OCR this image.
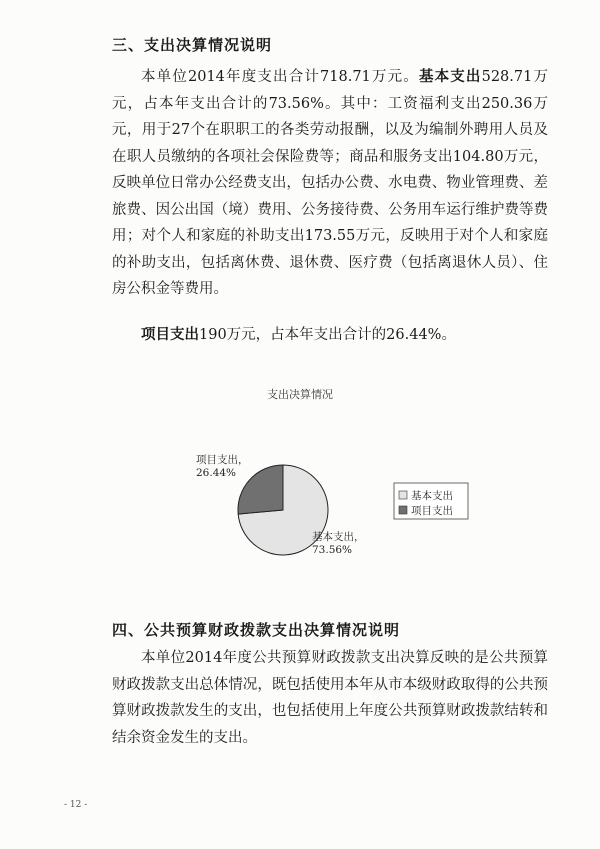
三、支出决算情况说明

本单位2014年度支出合计718.71万元。基本支出528.71万元，占本年支出合计的73.56%。其中：工资福利支出250.36万元，用于27个在职职工的各类劳动报酬，以及为编制外聘用人员及在职人员缴纳的各项社会保险费等；商品和服务支出104.80万元，反映单位日常办公经费支出，包括办公费、水电费、物业管理费、差旅费、因公出国（境）费用、公务接待费、公务用车运行维护费等费用；对个人和家庭的补助支出173.55万元，反映用于对个人和家庭的补助支出，包括离休费、退休费、医疗费（包括离退休人员）、住房公积金等费用。

项目支出190万元，占本年支出合计的26.44%。

支出决算情况
项目支出，
26.44%
基本支出，
73.56%
基本支出
项目支出
四、公共预算财政拨款支出决算情况说明

本单位2014年度公共预算财政拨款支出决算反映的是公共预算财政拨款支出总体情况，既包括使用本年从市本级财政取得的公共预算财政拨款发生的支出，也包括使用上年度公共预算财政拨款结转和结余资金发生的支出。

- 12 -
